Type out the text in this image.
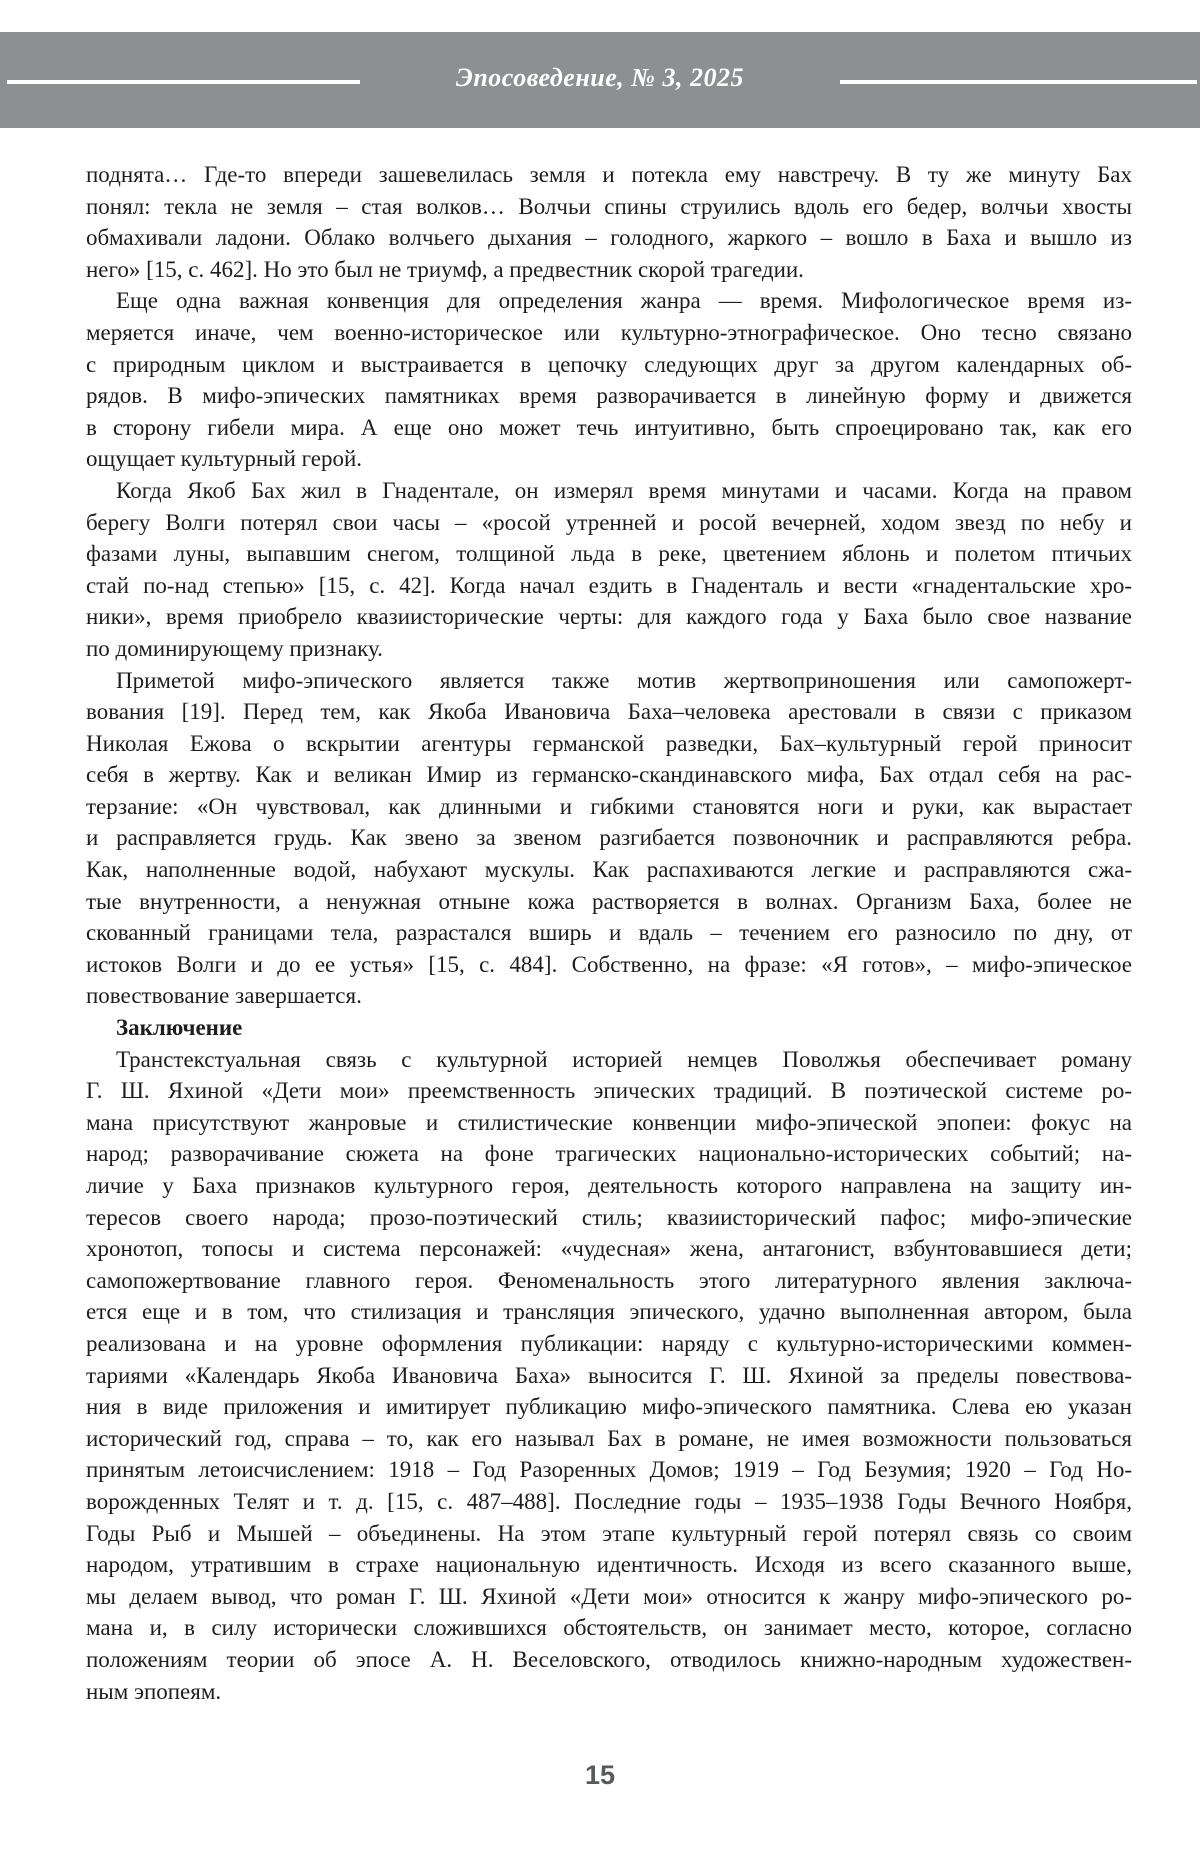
Эпосоведение, № 3, 2025
поднята… Где-то впереди зашевелилась земля и потекла ему навстречу. В ту же минуту Бах
понял: текла не земля – стая волков… Волчьи спины струились вдоль его бедер, волчьи хвосты
обмахивали ладони. Облако волчьего дыхания – голодного, жаркого – вошло в Баха и вышло из
него» [15, с. 462]. Но это был не триумф, а предвестник скорой трагедии.
Еще одна важная конвенция для определения жанра — время. Мифологическое время из-
меряется иначе, чем военно-историческое или культурно-этнографическое. Оно тесно связано
с природным циклом и выстраивается в цепочку следующих друг за другом календарных об-
рядов. В мифо-эпических памятниках время разворачивается в линейную форму и движется
в сторону гибели мира. А еще оно может течь интуитивно, быть спроецировано так, как его
ощущает культурный герой.
Когда Якоб Бах жил в Гнадентале, он измерял время минутами и часами. Когда на правом
берегу Волги потерял свои часы – «росой утренней и росой вечерней, ходом звезд по небу и
фазами луны, выпавшим снегом, толщиной льда в реке, цветением яблонь и полетом птичьих
стай по-над степью» [15, с. 42]. Когда начал ездить в Гнаденталь и вести «гнадентальские хро-
ники», время приобрело квазиисторические черты: для каждого года у Баха было свое название
по доминирующему признаку.
Приметой мифо-эпического является также мотив жертвоприношения или самопожерт-
вования [19]. Перед тем, как Якоба Ивановича Баха–человека арестовали в связи с приказом
Николая Ежова о вскрытии агентуры германской разведки, Бах–культурный герой приносит
себя в жертву. Как и великан Имир из германско-скандинавского мифа, Бах отдал себя на рас-
терзание: «Он чувствовал, как длинными и гибкими становятся ноги и руки, как вырастает
и расправляется грудь. Как звено за звеном разгибается позвоночник и расправляются ребра.
Как, наполненные водой, набухают мускулы. Как распахиваются легкие и расправляются сжа-
тые внутренности, а ненужная отныне кожа растворяется в волнах. Организм Баха, более не
скованный границами тела, разрастался вширь и вдаль – течением его разносило по дну, от
истоков Волги и до ее устья» [15, с. 484]. Собственно, на фразе: «Я готов», – мифо-эпическое
повествование завершается.
Заключение
Транстекстуальная связь с культурной историей немцев Поволжья обеспечивает роману
Г. Ш. Яхиной «Дети мои» преемственность эпических традиций. В поэтической системе ро-
мана присутствуют жанровые и стилистические конвенции мифо-эпической эпопеи: фокус на
народ; разворачивание сюжета на фоне трагических национально-исторических событий; на-
личие у Баха признаков культурного героя, деятельность которого направлена на защиту ин-
тересов своего народа; прозо-поэтический стиль; квазиисторический пафос; мифо-эпические
хронотоп, топосы и система персонажей: «чудесная» жена, антагонист, взбунтовавшиеся дети;
самопожертвование главного героя. Феноменальность этого литературного явления заключа-
ется еще и в том, что стилизация и трансляция эпического, удачно выполненная автором, была
реализована и на уровне оформления публикации: наряду с культурно-историческими коммен-
тариями «Календарь Якоба Ивановича Баха» выносится Г. Ш. Яхиной за пределы повествова-
ния в виде приложения и имитирует публикацию мифо-эпического памятника. Слева ею указан
исторический год, справа – то, как его называл Бах в романе, не имея возможности пользоваться
принятым летоисчислением: 1918 – Год Разоренных Домов; 1919 – Год Безумия; 1920 – Год Но-
ворожденных Телят и т. д. [15, с. 487–488]. Последние годы – 1935–1938 Годы Вечного Ноября,
Годы Рыб и Мышей – объединены. На этом этапе культурный герой потерял связь со своим
народом, утратившим в страхе национальную идентичность. Исходя из всего сказанного выше,
мы делаем вывод, что роман Г. Ш. Яхиной «Дети мои» относится к жанру мифо-эпического ро-
мана и, в силу исторически сложившихся обстоятельств, он занимает место, которое, согласно
положениям теории об эпосе А. Н. Веселовского, отводилось книжно-народным художествен-
ным эпопеям.
15
